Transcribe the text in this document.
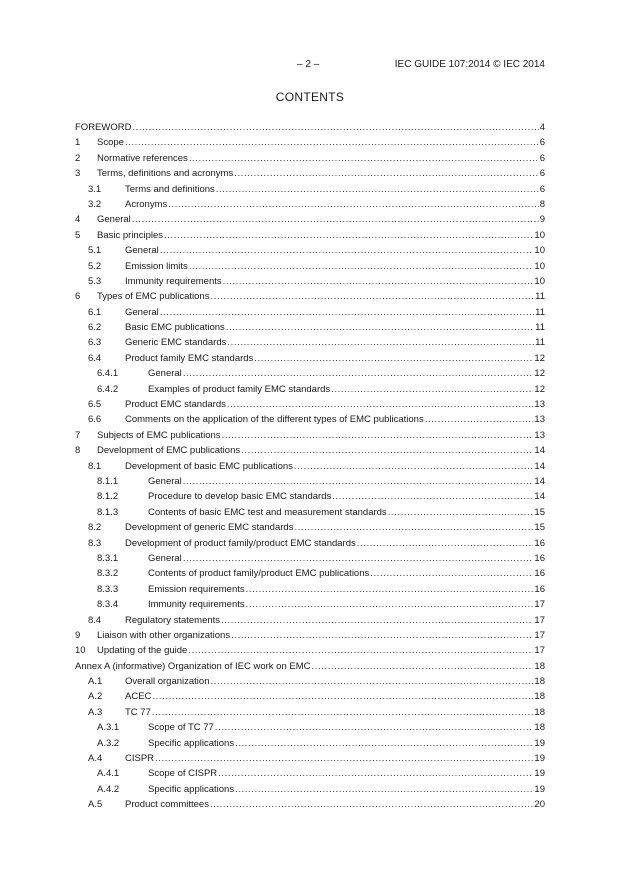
– 2 –	IEC GUIDE 107:2014 © IEC 2014
CONTENTS
FOREWORD .....	4
1 Scope .....	6
2 Normative references .....	6
3 Terms, definitions and acronyms .....	6
3.1	Terms and definitions .....	6
3.2	Acronyms .....	8
4 General .....	9
5 Basic principles .....	10
5.1	General .....	10
5.2	Emission limits .....	10
5.3	Immunity requirements .....	10
6 Types of EMC publications .....	11
6.1	General .....	11
6.2	Basic EMC publications .....	11
6.3	Generic EMC standards .....	11
6.4	Product family EMC standards .....	12
6.4.1	General .....	12
6.4.2	Examples of product family EMC standards .....	12
6.5	Product EMC standards .....	13
6.6	Comments on the application of the different types of EMC publications .....	13
7 Subjects of EMC publications .....	13
8 Development of EMC publications .....	14
8.1	Development of basic EMC publications .....	14
8.1.1	General .....	14
8.1.2	Procedure to develop basic EMC standards .....	14
8.1.3	Contents of basic EMC test and measurement standards .....	15
8.2	Development of generic EMC standards .....	15
8.3	Development of product family/product EMC standards .....	16
8.3.1	General .....	16
8.3.2	Contents of product family/product EMC publications .....	16
8.3.3	Emission requirements .....	16
8.3.4	Immunity requirements .....	17
8.4	Regulatory statements .....	17
9 Liaison with other organizations .....	17
10 Updating of the guide .....	17
Annex A (informative) Organization of IEC work on EMC .....	18
A.1 Overall organization .....	18
A.2 ACEC .....	18
A.3 TC 77 .....	18
A.3.1	Scope of TC 77 .....	18
A.3.2	Specific applications .....	19
A.4 CISPR .....	19
A.4.1	Scope of CISPR .....	19
A.4.2	Specific applications .....	19
A.5 Product committees .....	20
